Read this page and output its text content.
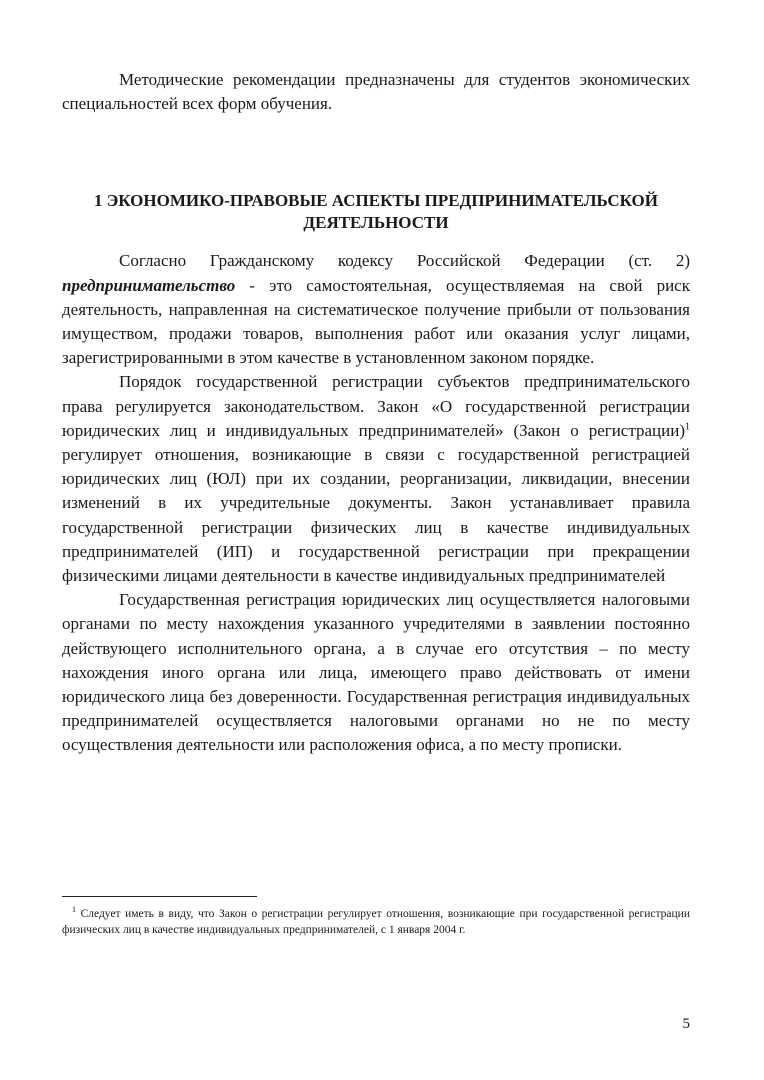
Методические рекомендации предназначены для студентов экономических специальностей всех форм обучения.

1 ЭКОНОМИКО-ПРАВОВЫЕ АСПЕКТЫ ПРЕДПРИНИМАТЕЛЬСКОЙ

ДЕЯТЕЛЬНОСТИ

Согласно Гражданскому кодексу Российской Федерации (ст. 2) предпринимательство - это самостоятельная, осуществляемая на свой риск деятельность, направленная на систематическое получение прибыли от пользования имуществом, продажи товаров, выполнения работ или оказания услуг лицами, зарегистрированными в этом качестве в установленном законом порядке.

Порядок государственной регистрации субъектов предпринимательского права регулируется законодательством. Закон «О государственной регистрации юридических лиц и индивидуальных предпринимателей» (Закон о регистрации)$^1$ регулирует отношения, возникающие в связи с государственной регистрацией юридических лиц (ЮЛ) при их создании, реорганизации, ликвидации, внесении изменений в их учредительные документы. Закон устанавливает правила государственной регистрации физических лиц в качестве индивидуальных предпринимателей (ИП) и государственной регистрации при прекращении физическими лицами деятельности в качестве индивидуальных предпринимателей

Государственная регистрация юридических лиц осуществляется налоговыми органами по месту нахождения указанного учредителями в заявлении постоянно действующего исполнительного органа, а в случае его отсутствия – по месту нахождения иного органа или лица, имеющего право действовать от имени юридического лица без доверенности. Государственная регистрация индивидуальных предпринимателей осуществляется налоговыми органами но не по месту осуществления деятельности или расположения офиса, а по месту прописки.

$^1$ Следует иметь в виду, что Закон о регистрации регулирует отношения, возникающие при государственной регистрации физических лиц в качестве индивидуальных предпринимателей, с 1 января 2004 г.

5
